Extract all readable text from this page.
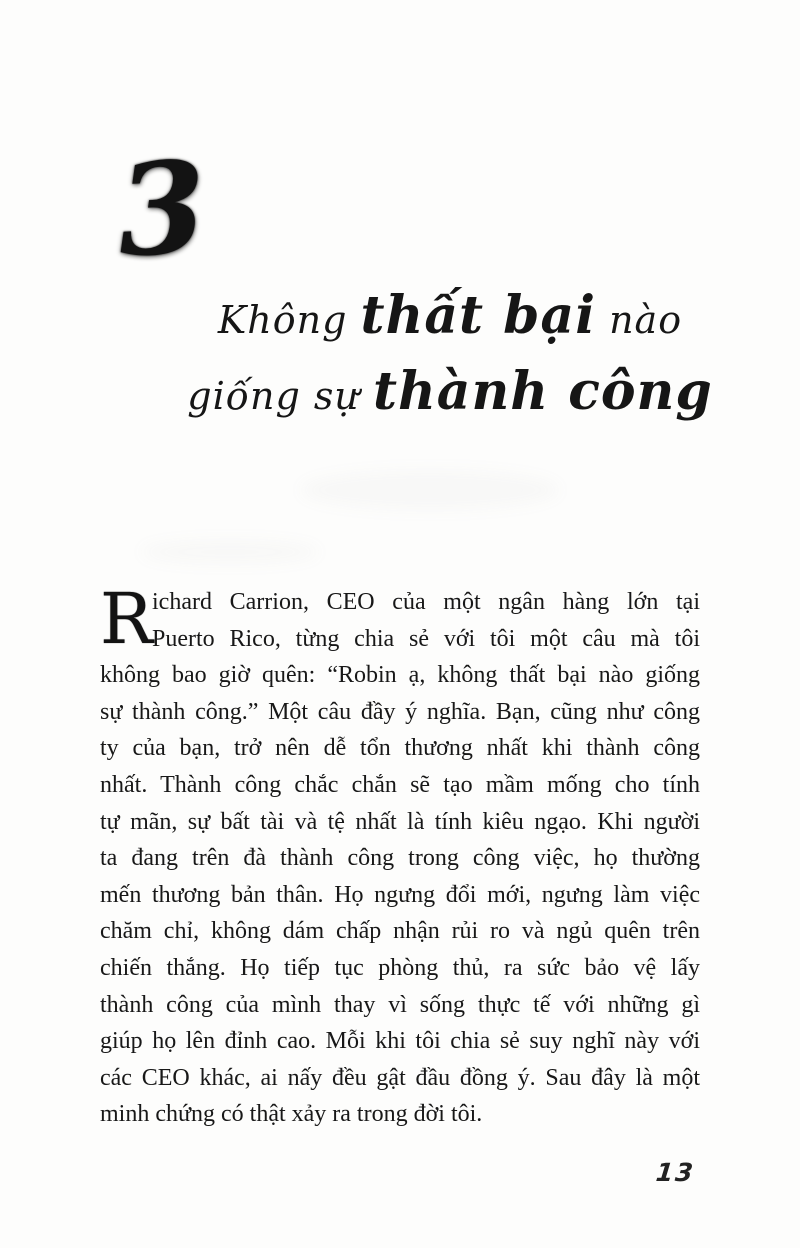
3
Không thất bại nào
giống sự thành công
R ichard Carrion, CEO của một ngân hàng lớn tại
Puerto Rico, từng chia sẻ với tôi một câu mà tôi
không bao giờ quên: “Robin ạ, không thất bại nào giống
sự thành công.” Một câu đầy ý nghĩa. Bạn, cũng như công
ty của bạn, trở nên dễ tổn thương nhất khi thành công
nhất. Thành công chắc chắn sẽ tạo mầm mống cho tính
tự mãn, sự bất tài và tệ nhất là tính kiêu ngạo. Khi người
ta đang trên đà thành công trong công việc, họ thường
mến thương bản thân. Họ ngưng đổi mới, ngưng làm việc
chăm chỉ, không dám chấp nhận rủi ro và ngủ quên trên
chiến thắng. Họ tiếp tục phòng thủ, ra sức bảo vệ lấy
thành công của mình thay vì sống thực tế với những gì
giúp họ lên đỉnh cao. Mỗi khi tôi chia sẻ suy nghĩ này với
các CEO khác, ai nấy đều gật đầu đồng ý. Sau đây là một
minh chứng có thật xảy ra trong đời tôi.
13
